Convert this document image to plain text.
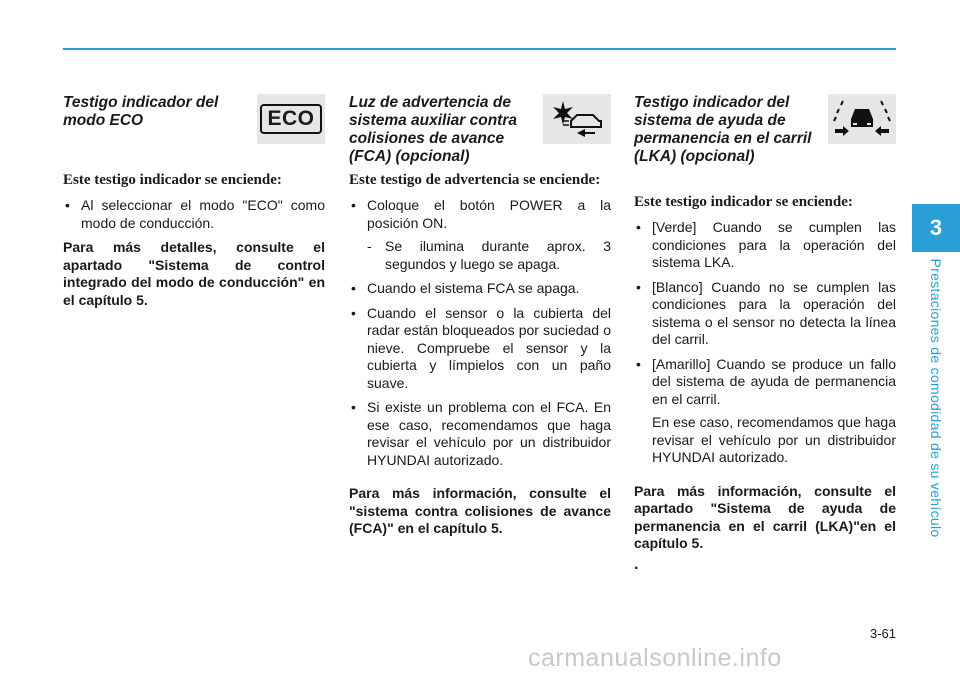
Testigo indicador del modo ECO	ECO

Este testigo indicador se enciende:

• Al seleccionar el modo "ECO" como modo de conducción.

Para más detalles, consulte el apartado "Sistema de control integrado del modo de conducción" en el capítulo 5.

Luz de advertencia de sistema auxiliar contra colisiones de avance (FCA) (opcional)

Este testigo de advertencia se enciende:

• Coloque el botón POWER a la posición ON.
- Se ilumina durante aprox. 3 segundos y luego se apaga.
• Cuando el sistema FCA se apaga.
• Cuando el sensor o la cubierta del radar están bloqueados por suciedad o nieve. Compruebe el sensor y la cubierta y límpielos con un paño suave.
• Si existe un problema con el FCA. En ese caso, recomendamos que haga revisar el vehículo por un distribuidor HYUNDAI autorizado.

Para más información, consulte el "sistema contra colisiones de avance (FCA)" en el capítulo 5.

Testigo indicador del sistema de ayuda de permanencia en el carril (LKA) (opcional)

Este testigo indicador se enciende:

• [Verde] Cuando se cumplen las condiciones para la operación del sistema LKA.
• [Blanco] Cuando no se cumplen las condiciones para la operación del sistema o el sensor no detecta la línea del carril.
• [Amarillo] Cuando se produce un fallo del sistema de ayuda de permanencia en el carril.
En ese caso, recomendamos que haga revisar el vehículo por un distribuidor HYUNDAI autorizado.

Para más información, consulte el apartado "Sistema de ayuda de permanencia en el carril (LKA)"en el capítulo 5.

.
3
Prestaciones de comodidad de su vehículo
3-61
carmanualsonline.info
